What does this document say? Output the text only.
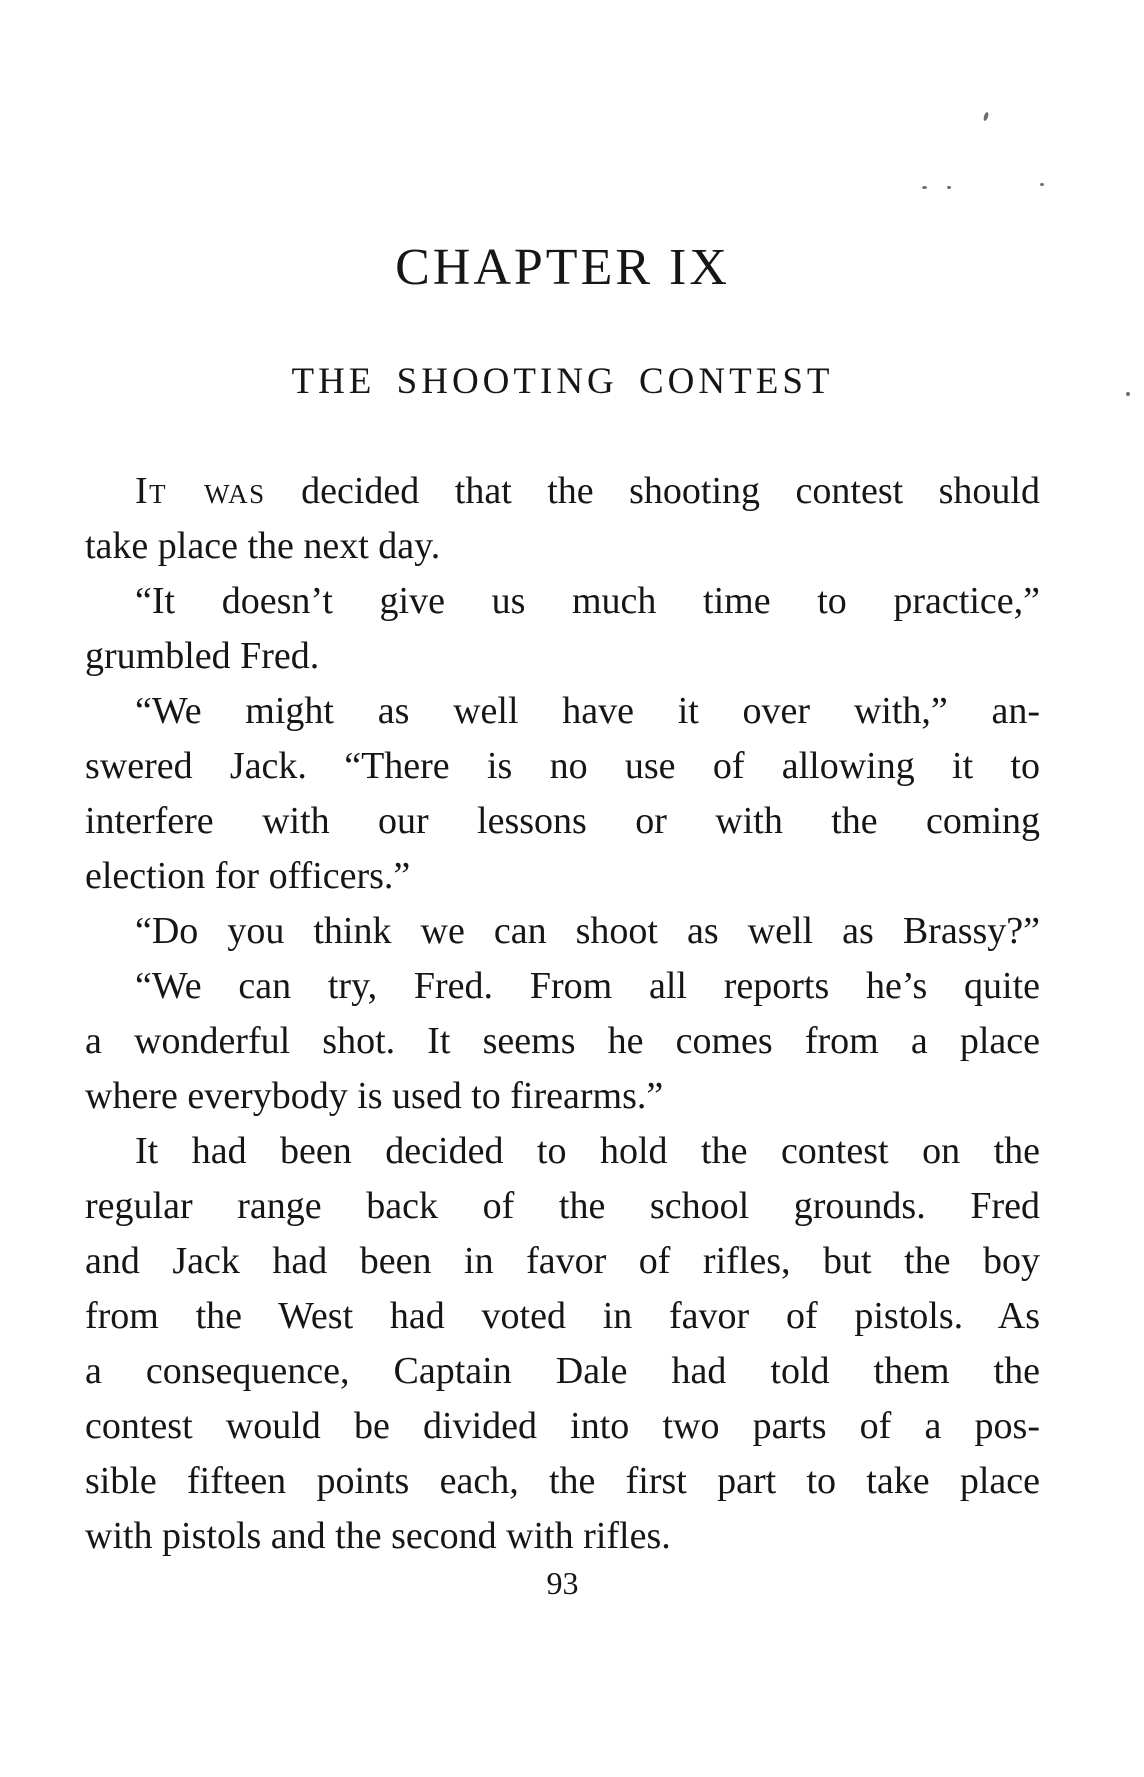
CHAPTER IX
THE SHOOTING CONTEST
It was decided that the shooting contest should
take place the next day.
“It doesn’t give us much time to practice,”
grumbled Fred.
“We might as well have it over with,” an-
swered Jack. “There is no use of allowing it to
interfere with our lessons or with the coming
election for officers.”
“Do you think we can shoot as well as Brassy?”
“We can try, Fred. From all reports he’s quite
a wonderful shot. It seems he comes from a place
where everybody is used to firearms.”
It had been decided to hold the contest on the
regular range back of the school grounds. Fred
and Jack had been in favor of rifles, but the boy
from the West had voted in favor of pistols. As
a consequence, Captain Dale had told them the
contest would be divided into two parts of a pos-
sible fifteen points each, the first part to take place
with pistols and the second with rifles.
93
